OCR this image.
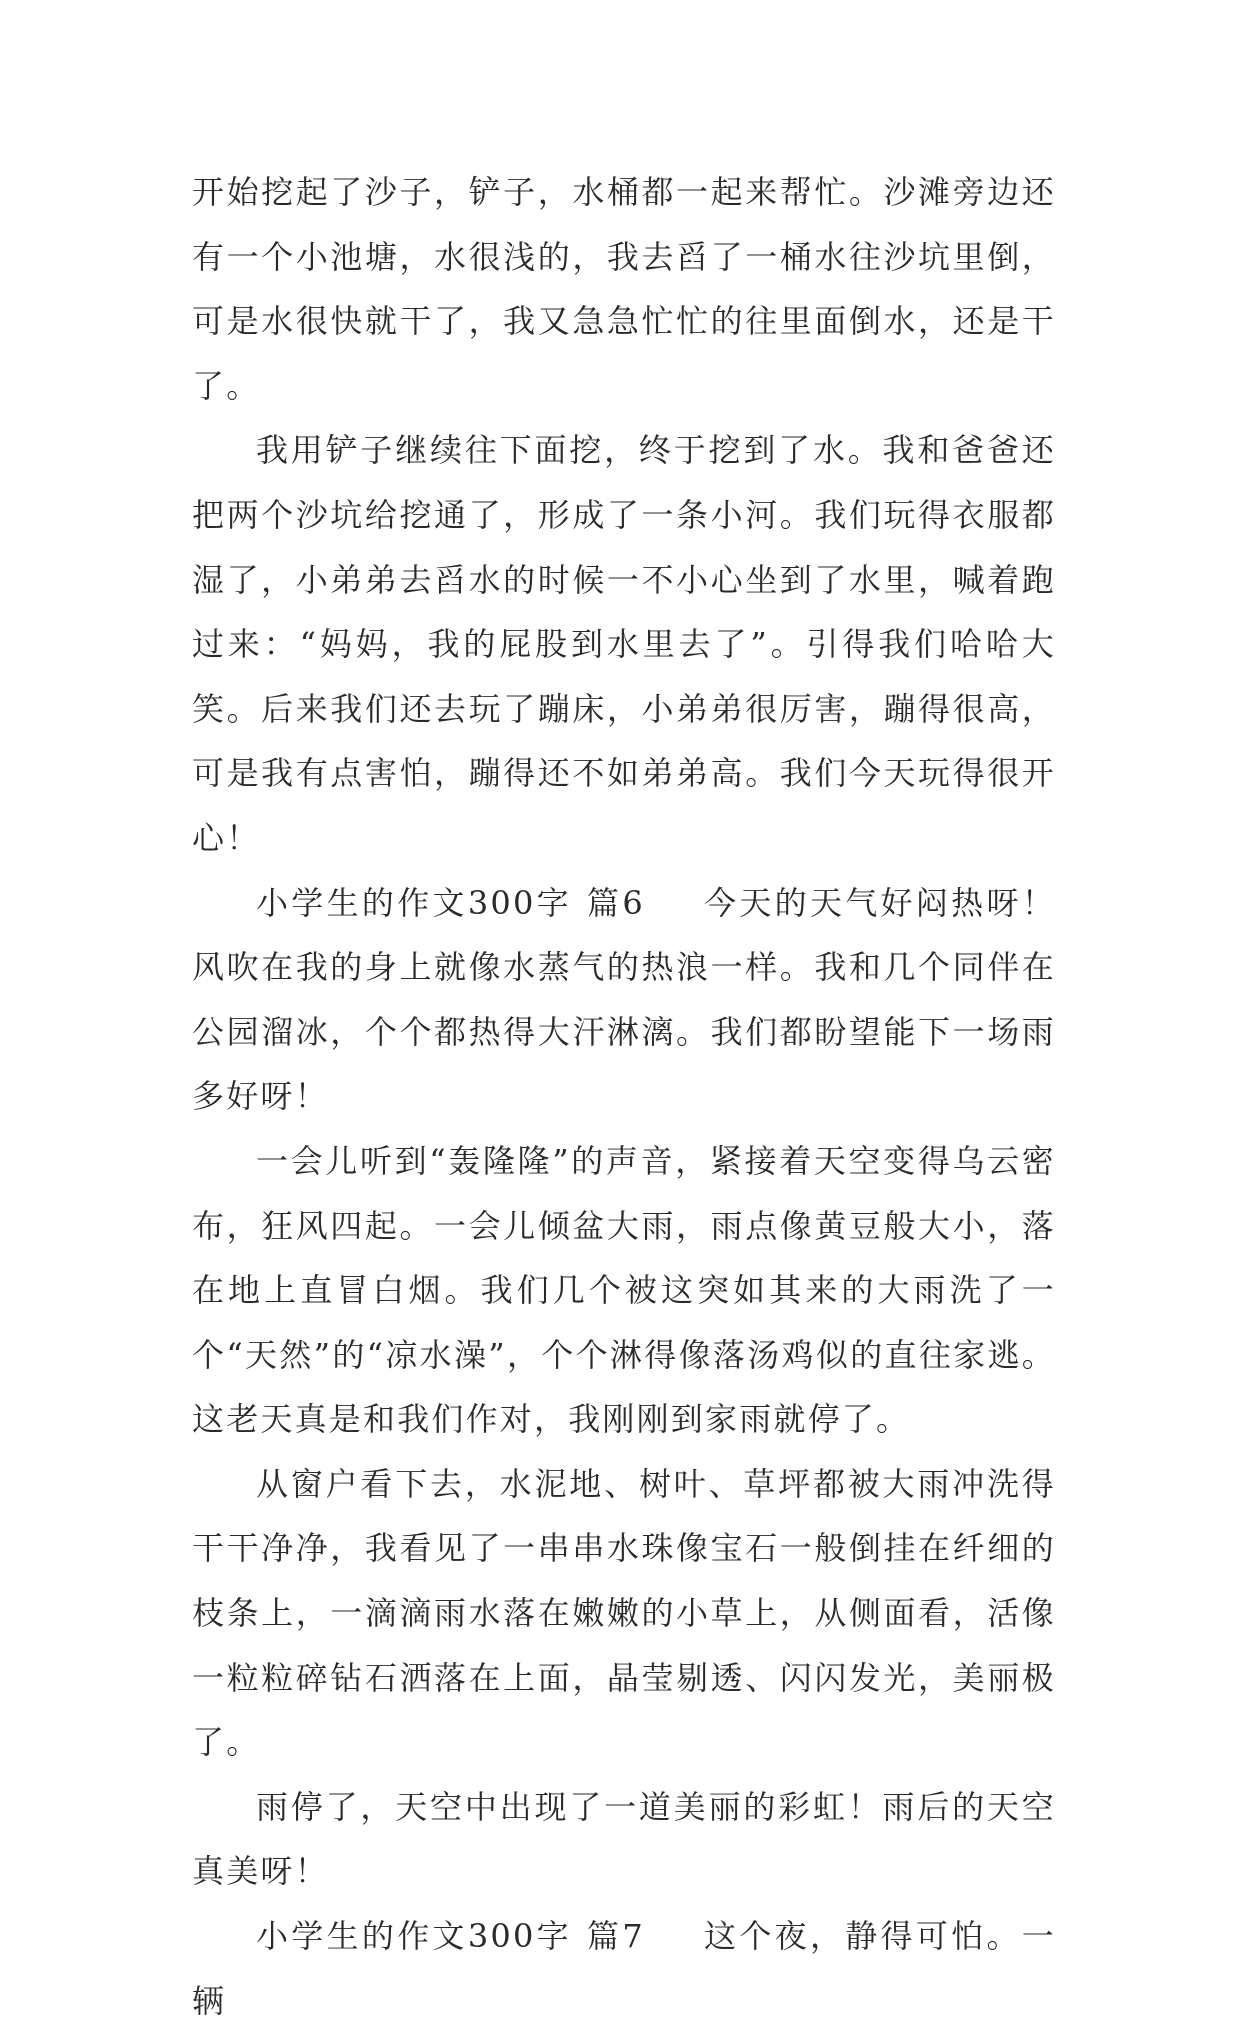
开始挖起了沙子，铲子，水桶都一起来帮忙。沙滩旁边还有一个小池塘，水很浅的，我去舀了一桶水往沙坑里倒，可是水很快就干了，我又急急忙忙的往里面倒水，还是干了。

我用铲子继续往下面挖，终于挖到了水。我和爸爸还把两个沙坑给挖通了，形成了一条小河。我们玩得衣服都湿了，小弟弟去舀水的时候一不小心坐到了水里，喊着跑过来：“妈妈，我的屁股到水里去了”。引得我们哈哈大笑。后来我们还去玩了蹦床，小弟弟很厉害，蹦得很高，可是我有点害怕，蹦得还不如弟弟高。我们今天玩得很开心！

小学生的作文300字 篇6 今天的天气好闷热呀！风吹在我的身上就像水蒸气的热浪一样。我和几个同伴在公园溜冰，个个都热得大汗淋漓。我们都盼望能下一场雨多好呀！

一会儿听到“轰隆隆”的声音，紧接着天空变得乌云密布，狂风四起。一会儿倾盆大雨，雨点像黄豆般大小，落在地上直冒白烟。我们几个被这突如其来的大雨洗了一个“天然”的“凉水澡”，个个淋得像落汤鸡似的直往家逃。这老天真是和我们作对，我刚刚到家雨就停了。

从窗户看下去，水泥地、树叶、草坪都被大雨冲洗得干干净净，我看见了一串串水珠像宝石一般倒挂在纤细的枝条上，一滴滴雨水落在嫩嫩的小草上，从侧面看，活像一粒粒碎钻石洒落在上面，晶莹剔透、闪闪发光，美丽极了。

雨停了，天空中出现了一道美丽的彩虹！雨后的天空真美呀！

小学生的作文300字 篇7 这个夜，静得可怕。一辆
